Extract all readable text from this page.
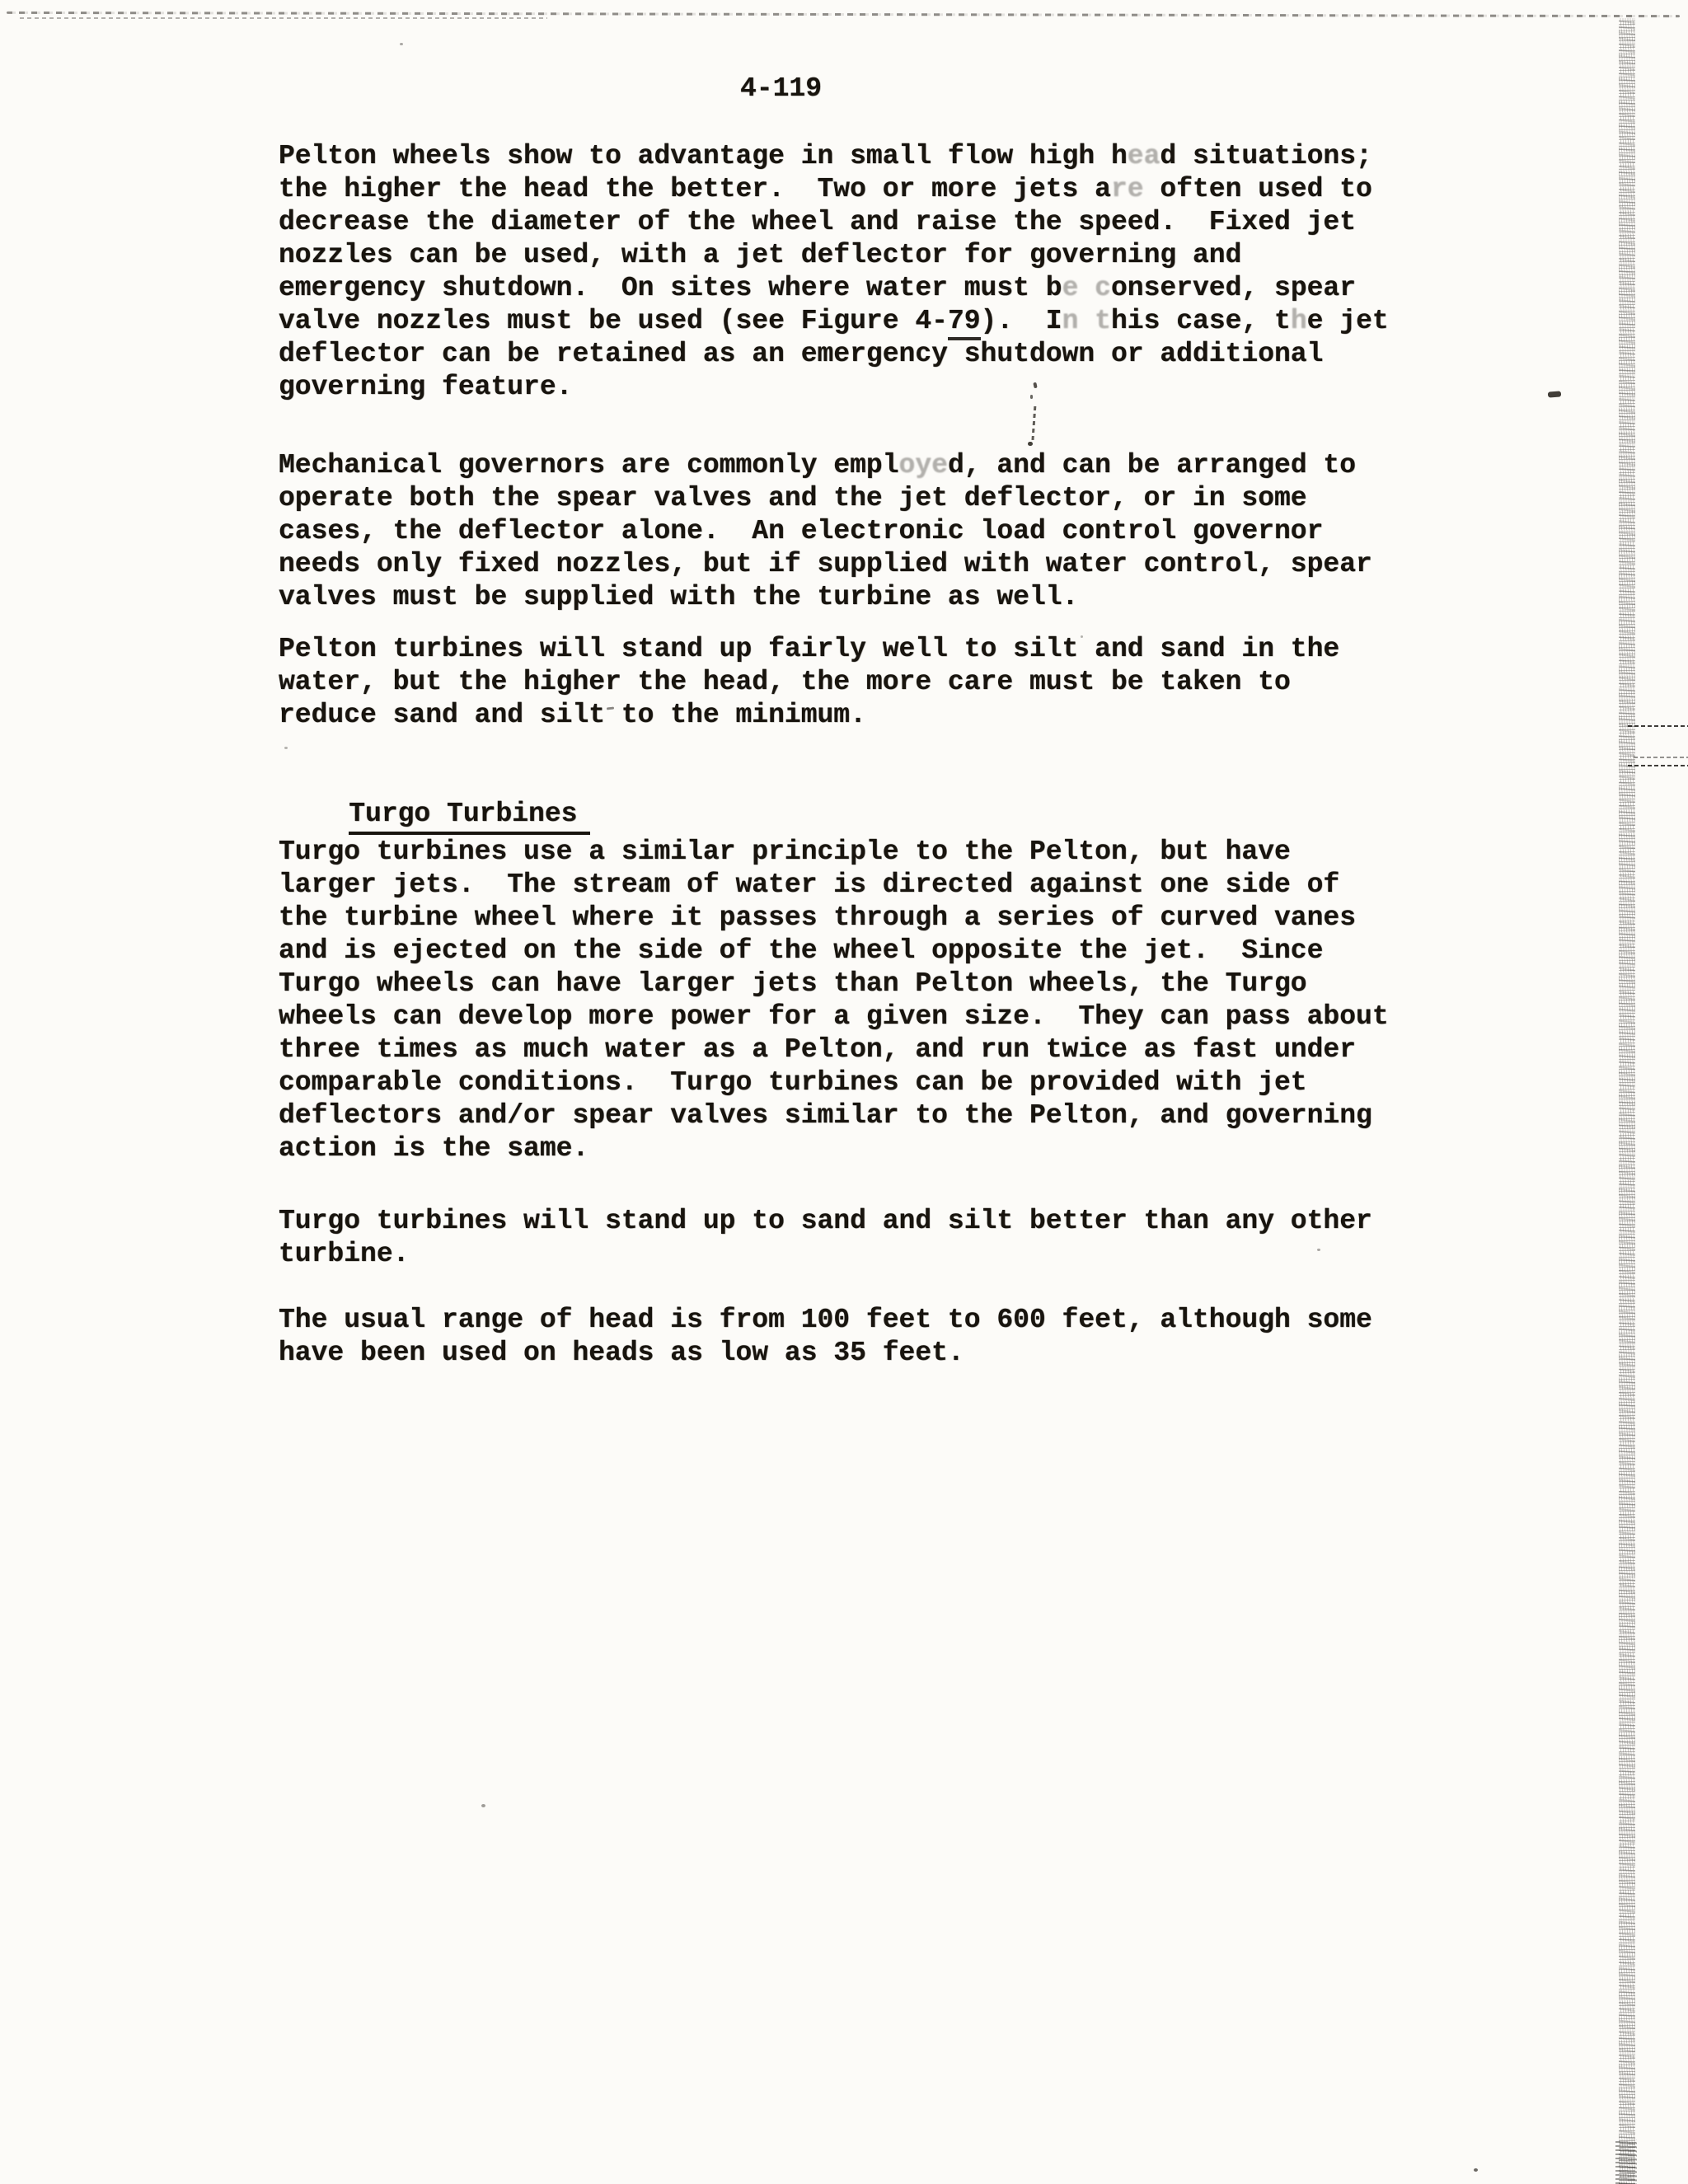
4-119
Pelton wheels show to advantage in small flow high head situations;
the higher the head the better.  Two or more jets are often used to
decrease the diameter of the wheel and raise the speed.  Fixed jet
nozzles can be used, with a jet deflector for governing and
emergency shutdown.  On sites where water must be conserved, spear
valve nozzles must be used (see Figure 4-79).  In this case, the jet
deflector can be retained as an emergency shutdown or additional
governing feature.
Mechanical governors are commonly employed, and can be arranged to
operate both the spear valves and the jet deflector, or in some
cases, the deflector alone.  An electronic load control governor
needs only fixed nozzles, but if supplied with water control, spear
valves must be supplied with the turbine as well.
Pelton turbines will stand up fairly well to silt and sand in the
water, but the higher the head, the more care must be taken to
reduce sand and silt to the minimum.
Turgo turbines use a similar principle to the Pelton, but have
larger jets.  The stream of water is directed against one side of
the turbine wheel where it passes through a series of curved vanes
and is ejected on the side of the wheel opposite the jet.  Since
Turgo wheels can have larger jets than Pelton wheels, the Turgo
wheels can develop more power for a given size.  They can pass about
three times as much water as a Pelton, and run twice as fast under
comparable conditions.  Turgo turbines can be provided with jet
deflectors and/or spear valves similar to the Pelton, and governing
action is the same.
Turgo turbines will stand up to sand and silt better than any other
turbine.
The usual range of head is from 100 feet to 600 feet, although some
have been used on heads as low as 35 feet.

Turgo Turbines
